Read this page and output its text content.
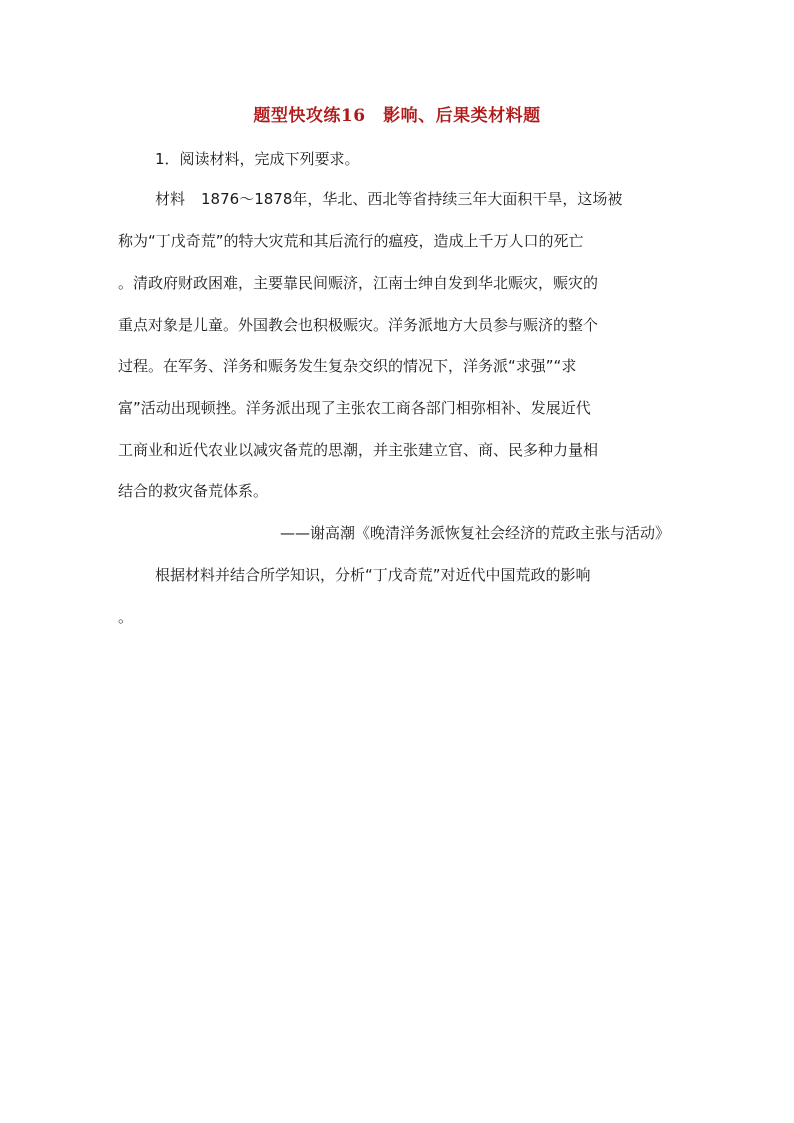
题型快攻练16　影响、后果类材料题
1．阅读材料，完成下列要求。
材料 1876～1878年，华北、西北等省持续三年大面积干旱，这场被
称为“丁戊奇荒”的特大灾荒和其后流行的瘟疫，造成上千万人口的死亡
。清政府财政困难，主要靠民间赈济，江南士绅自发到华北赈灾，赈灾的
重点对象是儿童。外国教会也积极赈灾。洋务派地方大员参与赈济的整个
过程。在军务、洋务和赈务发生复杂交织的情况下，洋务派“求强”“求
富”活动出现顿挫。洋务派出现了主张农工商各部门相弥相补、发展近代
工商业和近代农业以减灾备荒的思潮，并主张建立官、商、民多种力量相
结合的救灾备荒体系。
——谢高潮《晚清洋务派恢复社会经济的荒政主张与活动》
根据材料并结合所学知识，分析“丁戊奇荒”对近代中国荒政的影响
。
